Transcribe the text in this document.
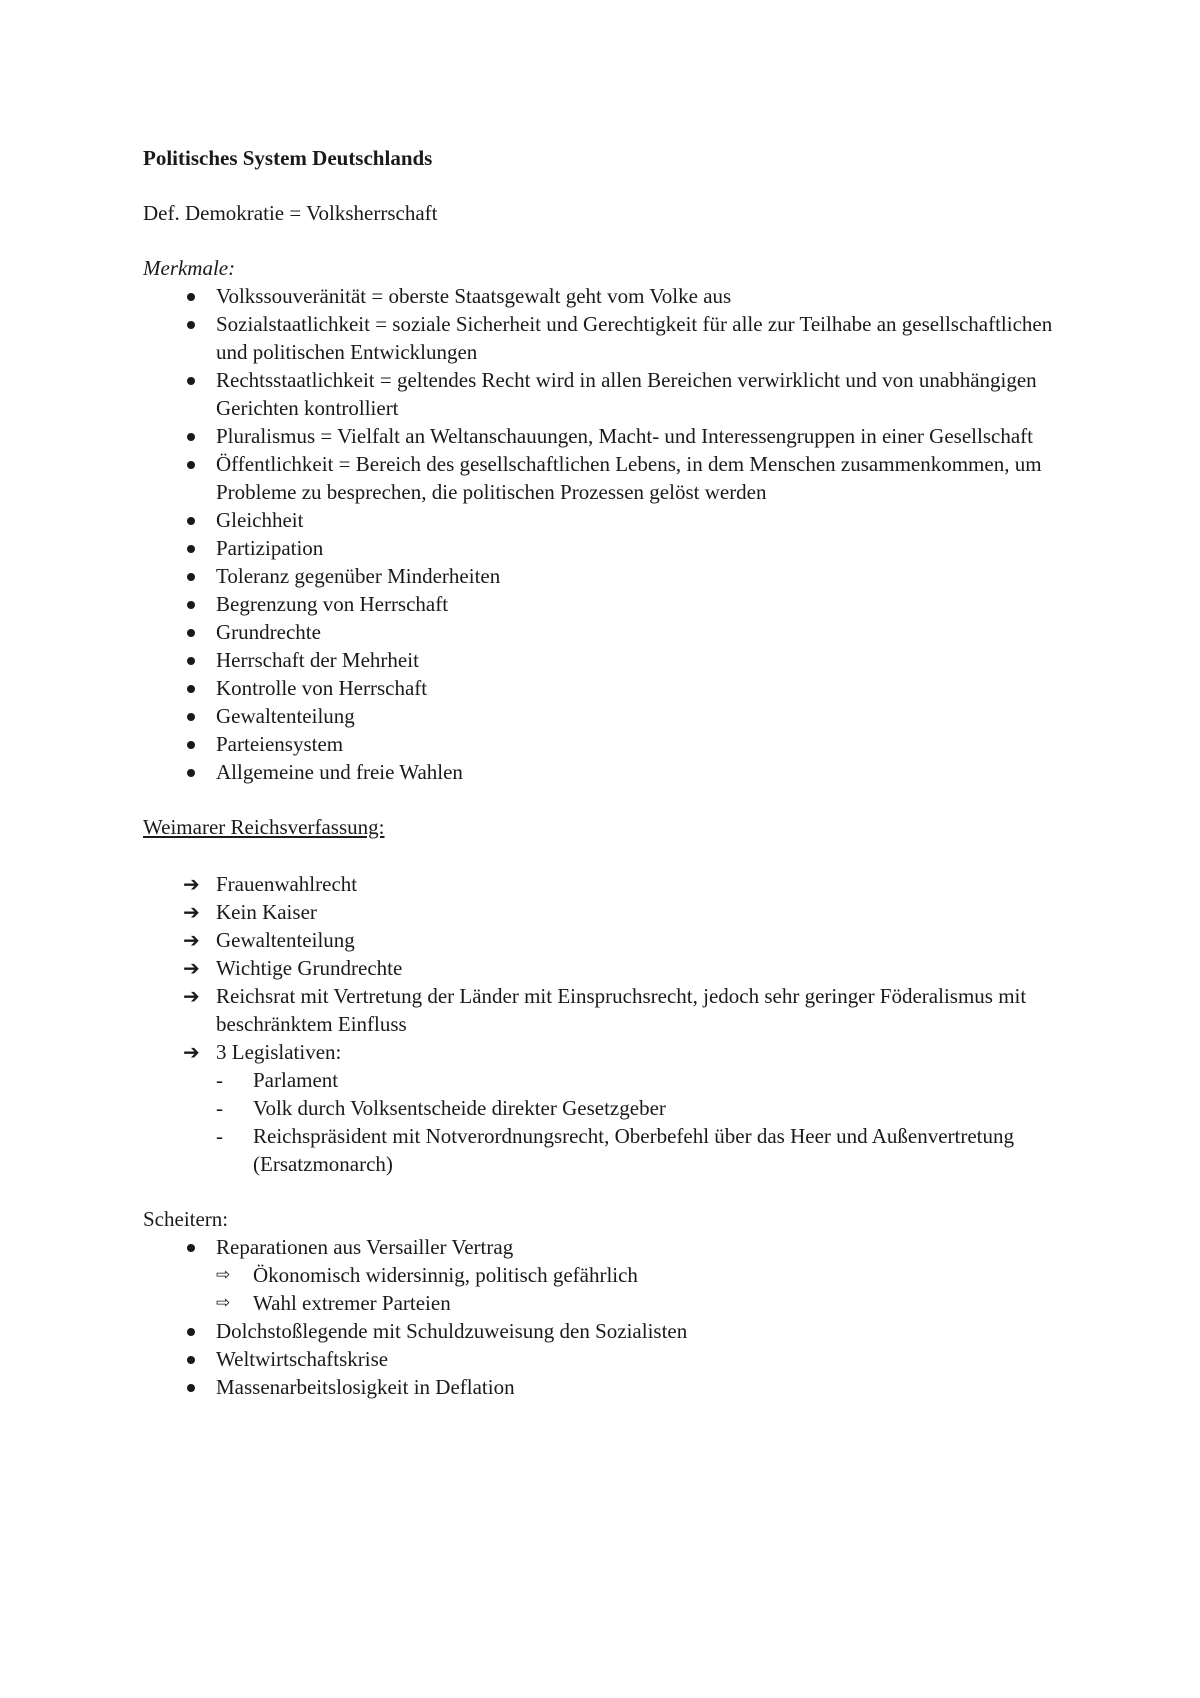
Politisches System Deutschlands

Def. Demokratie = Volksherrschaft

Merkmale:

Volkssouveränität = oberste Staatsgewalt geht vom Volke aus
Sozialstaatlichkeit = soziale Sicherheit und Gerechtigkeit für alle zur Teilhabe an gesellschaftlichen und politischen Entwicklungen
Rechtsstaatlichkeit = geltendes Recht wird in allen Bereichen verwirklicht und von unabhängigen Gerichten kontrolliert
Pluralismus = Vielfalt an Weltanschauungen, Macht- und Interessengruppen in einer Gesellschaft
Öffentlichkeit = Bereich des gesellschaftlichen Lebens, in dem Menschen zusammenkommen, um Probleme zu besprechen, die politischen Prozessen gelöst werden
Gleichheit
Partizipation
Toleranz gegenüber Minderheiten
Begrenzung von Herrschaft
Grundrechte
Herrschaft der Mehrheit
Kontrolle von Herrschaft
Gewaltenteilung
Parteiensystem
Allgemeine und freie Wahlen

Weimarer Reichsverfassung:

➔ Frauenwahlrecht
➔ Kein Kaiser
➔ Gewaltenteilung
➔ Wichtige Grundrechte
➔ Reichsrat mit Vertretung der Länder mit Einspruchsrecht, jedoch sehr geringer Föderalismus mit beschränktem Einfluss
➔ 3 Legislativen:
- Parlament
- Volk durch Volksentscheide direkter Gesetzgeber
- Reichspräsident mit Notverordnungsrecht, Oberbefehl über das Heer und Außenvertretung (Ersatzmonarch)

Scheitern:

Reparationen aus Versailler Vertrag
⇨ Ökonomisch widersinnig, politisch gefährlich
⇨ Wahl extremer Parteien
Dolchstoßlegende mit Schuldzuweisung den Sozialisten
Weltwirtschaftskrise
Massenarbeitslosigkeit in Deflation
